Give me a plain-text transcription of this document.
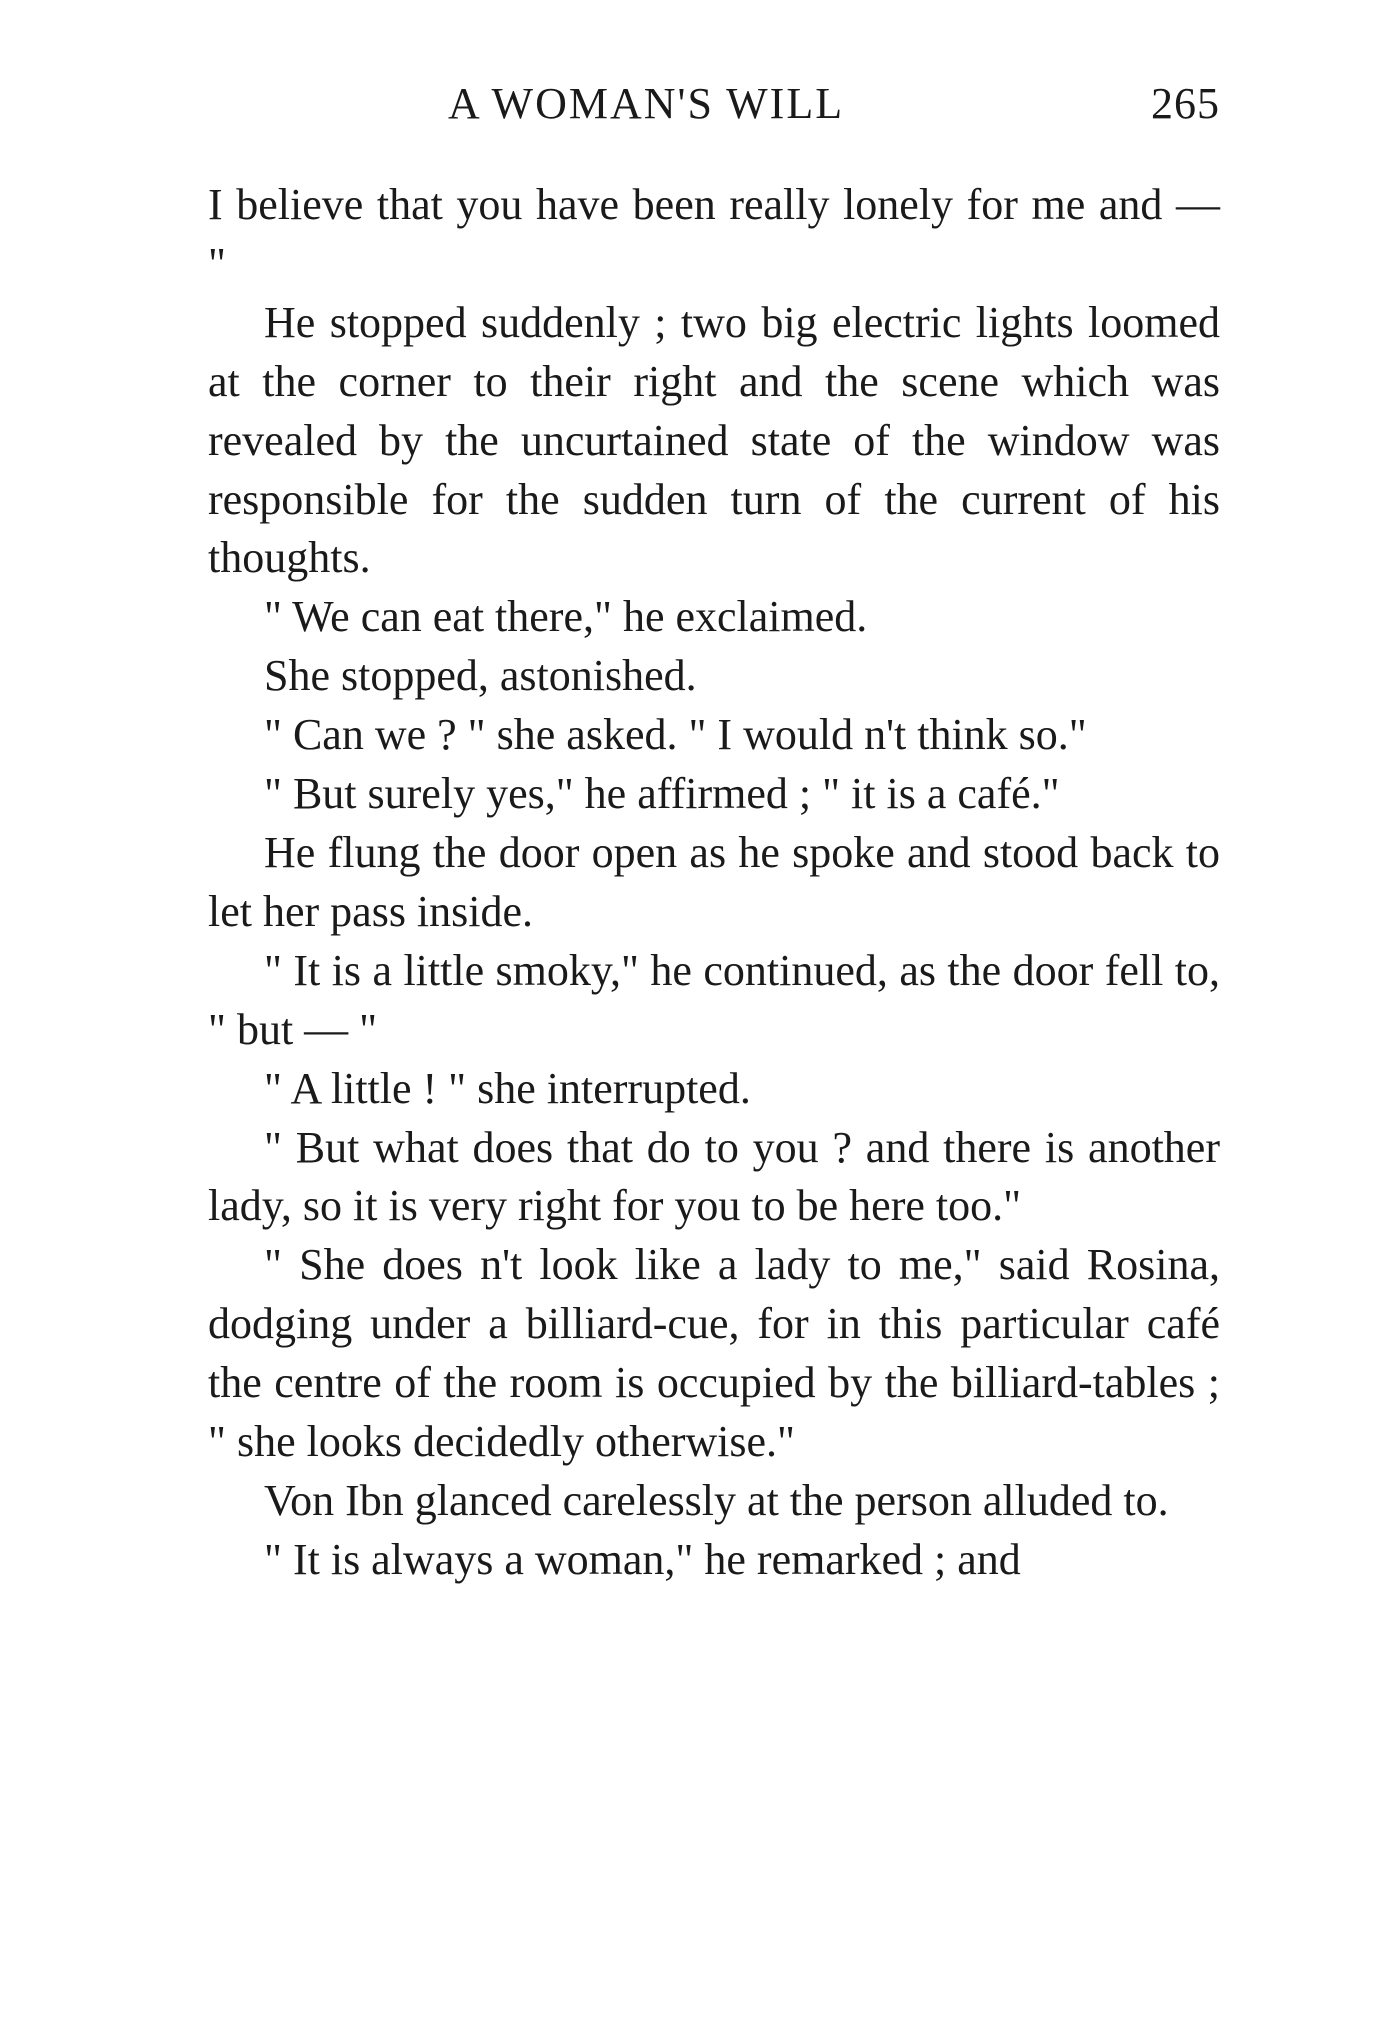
A WOMAN'S WILL	265

I believe that you have been really lonely for me and — "

He stopped suddenly ; two big electric lights loomed at the corner to their right and the scene which was revealed by the uncurtained state of the window was responsible for the sudden turn of the current of his thoughts.

" We can eat there," he exclaimed.

She stopped, astonished.

" Can we ? " she asked. " I would n't think so."

" But surely yes," he affirmed ; " it is a café."

He flung the door open as he spoke and stood back to let her pass inside.

" It is a little smoky," he continued, as the door fell to, " but — "

" A little ! " she interrupted.

" But what does that do to you ? and there is another lady, so it is very right for you to be here too."

" She does n't look like a lady to me," said Rosina, dodging under a billiard-cue, for in this particular café the centre of the room is occupied by the billiard-tables ; " she looks decidedly otherwise."

Von Ibn glanced carelessly at the person alluded to.

" It is always a woman," he remarked ; and
